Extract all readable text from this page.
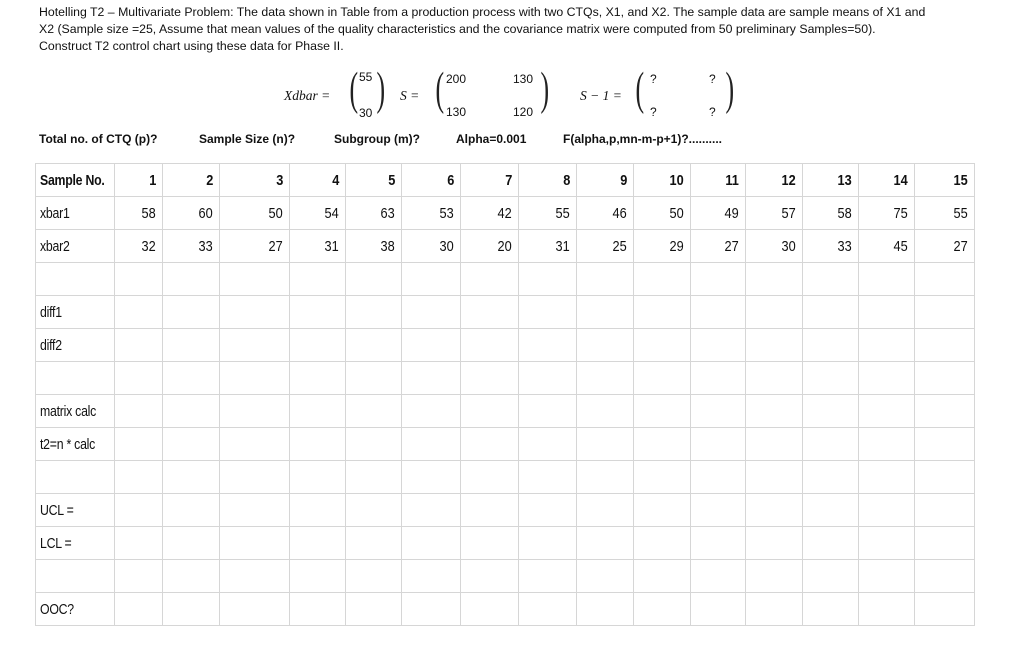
Hotelling T2 – Multivariate Problem: The data shown in Table from a production process with two CTQs, X1, and X2. The sample data are sample means of X1 and

X2 (Sample size =25, Assume that mean values of the quality characteristics and the covariance matrix were computed from 50 preliminary Samples=50).

Construct T2 control chart using these data for Phase II.

Xdbar = ( 55
30 ) S = ( 200	130
130	120 ) S − 1 = ( ?	?
?	? )
Total no. of CTQ (p)?	Sample Size (n)?	Subgroup (m)?	Alpha=0.001	F(alpha,p,mn-m-p+1)?..........
Sample No.	1	2	3	4	5	6	7	8	9	10	11	12	13	14	15
xbar1	58	60	50	54	63	53	42	55	46	50	49	57	58	75	55
xbar2	32	33	27	31	38	30	20	31	25	29	27	30	33	45	27

diff1															
diff2															

matrix calc															
t2=n * calc															

UCL =															
LCL =															

OOC?															
